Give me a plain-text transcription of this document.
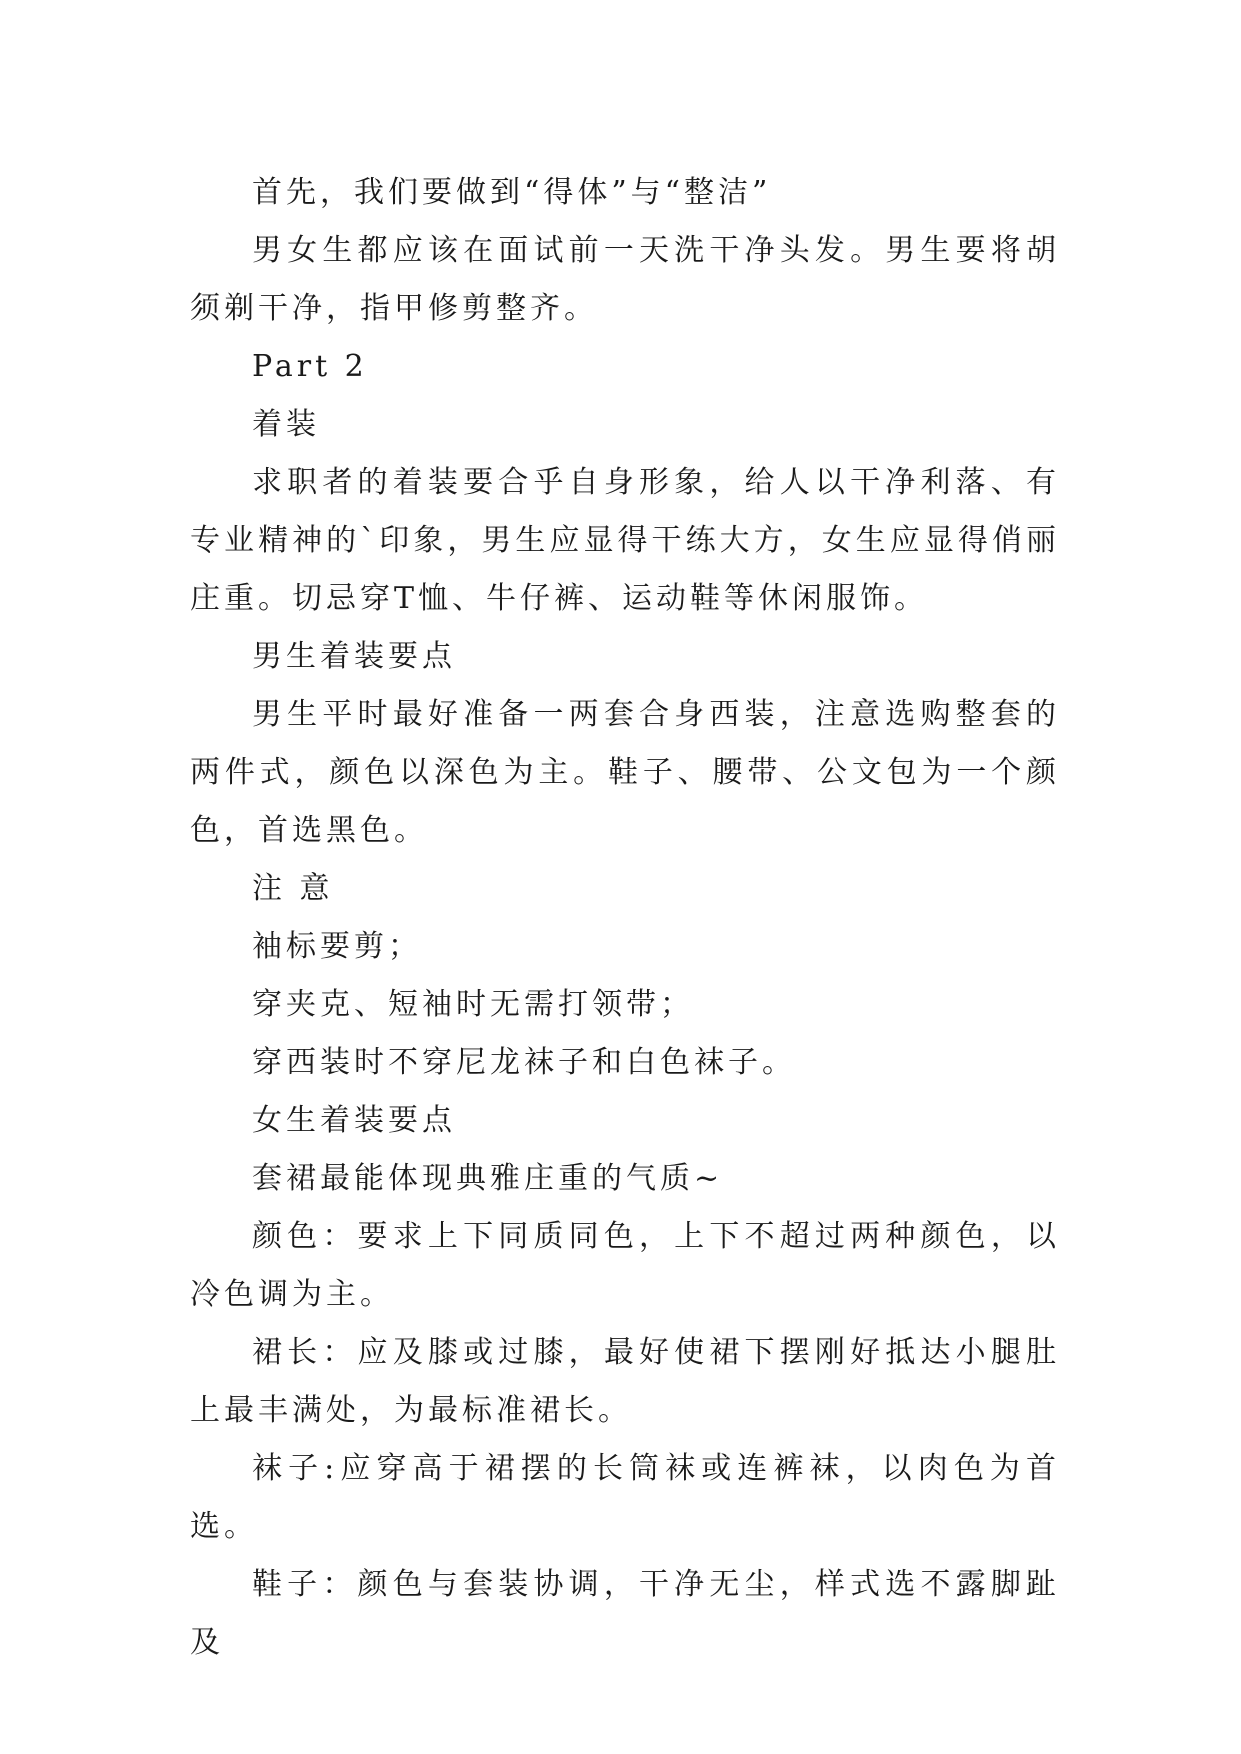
首先，我们要做到“得体”与“整洁”

男女生都应该在面试前一天洗干净头发。男生要将胡须剃干净，指甲修剪整齐。

Part 2

着装

求职者的着装要合乎自身形象，给人以干净利落、有专业精神的`印象，男生应显得干练大方，女生应显得俏丽庄重。切忌穿T恤、牛仔裤、运动鞋等休闲服饰。

男生着装要点

男生平时最好准备一两套合身西装，注意选购整套的两件式，颜色以深色为主。鞋子、腰带、公文包为一个颜色，首选黑色。

注 意

袖标要剪；

穿夹克、短袖时无需打领带；

穿西装时不穿尼龙袜子和白色袜子。

女生着装要点

套裙最能体现典雅庄重的气质~

颜色：要求上下同质同色，上下不超过两种颜色，以冷色调为主。

裙长：应及膝或过膝，最好使裙下摆刚好抵达小腿肚上最丰满处，为最标准裙长。

袜子:应穿高于裙摆的长筒袜或连裤袜，以肉色为首选。

鞋子：颜色与套装协调，干净无尘，样式选不露脚趾及
